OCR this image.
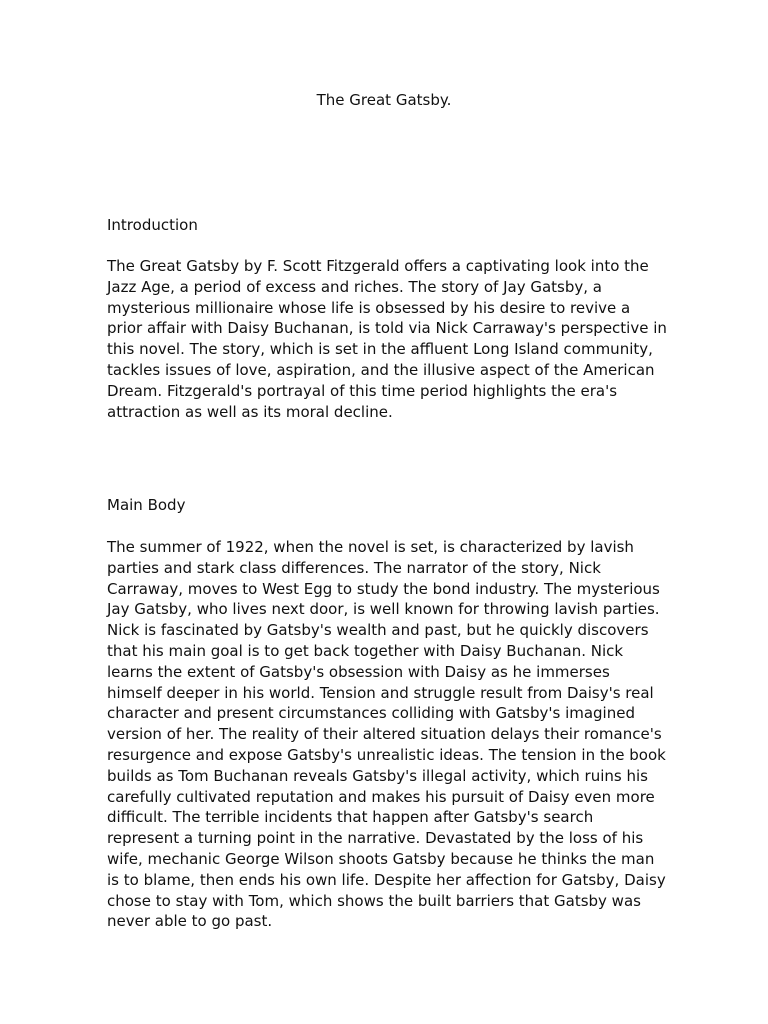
The Great Gatsby.
Introduction

The Great Gatsby by F. Scott Fitzgerald offers a captivating look into the Jazz Age, a period of excess and riches. The story of Jay Gatsby, a mysterious millionaire whose life is obsessed by his desire to revive a prior affair with Daisy Buchanan, is told via Nick Carraway's perspective in this novel. The story, which is set in the affluent Long Island community, tackles issues of love, aspiration, and the illusive aspect of the American Dream. Fitzgerald's portrayal of this time period highlights the era's attraction as well as its moral decline.

Main Body

The summer of 1922, when the novel is set, is characterized by lavish parties and stark class differences. The narrator of the story, Nick Carraway, moves to West Egg to study the bond industry. The mysterious Jay Gatsby, who lives next door, is well known for throwing lavish parties. Nick is fascinated by Gatsby's wealth and past, but he quickly discovers that his main goal is to get back together with Daisy Buchanan. Nick learns the extent of Gatsby's obsession with Daisy as he immerses himself deeper in his world. Tension and struggle result from Daisy's real character and present circumstances colliding with Gatsby's imagined version of her. The reality of their altered situation delays their romance's resurgence and expose Gatsby's unrealistic ideas. The tension in the book builds as Tom Buchanan reveals Gatsby's illegal activity, which ruins his carefully cultivated reputation and makes his pursuit of Daisy even more difficult. The terrible incidents that happen after Gatsby's search represent a turning point in the narrative. Devastated by the loss of his wife, mechanic George Wilson shoots Gatsby because he thinks the man is to blame, then ends his own life. Despite her affection for Gatsby, Daisy chose to stay with Tom, which shows the built barriers that Gatsby was never able to go past.
